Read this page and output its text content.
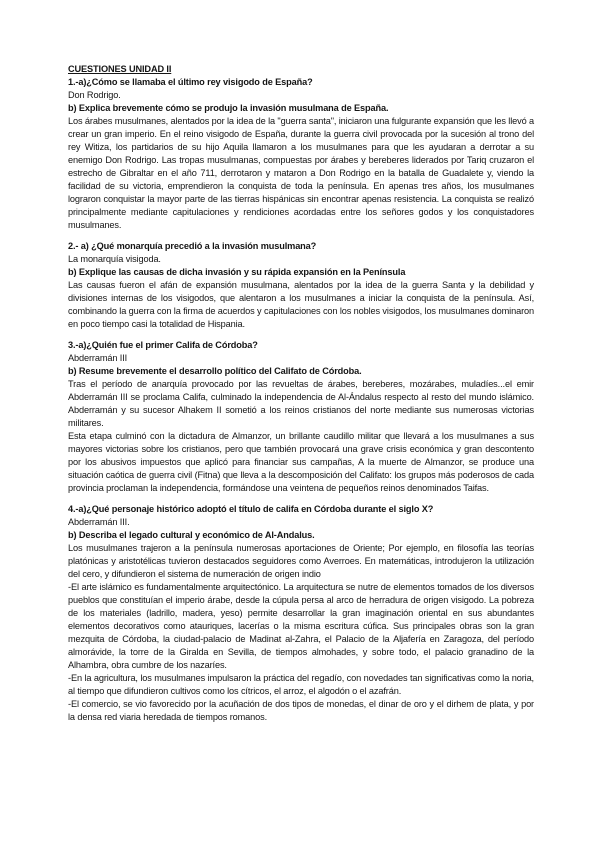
CUESTIONES UNIDAD II

1.-a)¿Cómo se llamaba el último rey visigodo de España?

Don Rodrigo.

b) Explica brevemente cómo se produjo la invasión musulmana de España.

Los árabes musulmanes, alentados por la idea de la "guerra santa", iniciaron una fulgurante expansión que les llevó a crear un gran imperio. En el reino visigodo de España, durante la guerra civil provocada por la sucesión al trono del rey Witiza, los partidarios de su hijo Aquila llamaron a los musulmanes para que les ayudaran a derrotar a su enemigo Don Rodrigo. Las tropas musulmanas, compuestas por árabes y bereberes liderados por Tariq cruzaron el estrecho de Gibraltar en el año 711, derrotaron y mataron a Don Rodrigo en la batalla de Guadalete y, viendo la facilidad de su victoria, emprendieron la conquista de toda la península. En apenas tres años, los musulmanes lograron conquistar la mayor parte de las tierras hispánicas sin encontrar apenas resistencia. La conquista se realizó principalmente mediante capitulaciones y rendiciones acordadas entre los señores godos y los conquistadores musulmanes.

2.- a) ¿Qué monarquía precedió a la invasión musulmana?

La monarquía visigoda.

b) Explique las causas de dicha invasión y su rápida expansión en la Península

Las causas fueron el afán de expansión musulmana, alentados por la idea de la guerra Santa y la debilidad y divisiones internas de los visigodos, que alentaron a los musulmanes a iniciar la conquista de la península. Así, combinando la guerra con la firma de acuerdos y capitulaciones con los nobles visigodos, los musulmanes dominaron en poco tiempo casi la totalidad de Hispania.

3.-a)¿Quién fue el primer Califa de Córdoba?

Abderramán III

b) Resume brevemente el desarrollo político del Califato de Córdoba.

Tras el período de anarquía provocado por las revueltas de árabes, bereberes, mozárabes, muladíes...el emir Abderramán III se proclama Califa, culminado la independencia de Al-Ándalus respecto al resto del mundo islámico. Abderramán y su sucesor Alhakem II sometió a los reinos cristianos del norte mediante sus numerosas victorias militares.

Esta etapa culminó con la dictadura de Almanzor, un brillante caudillo militar que llevará a los musulmanes a sus mayores victorias sobre los cristianos, pero que también provocará una grave crisis económica y gran descontento por los abusivos impuestos que aplicó para financiar sus campañas, A la muerte de Almanzor, se produce una situación caótica de guerra civil (Fitna) que lleva a la descomposición del Califato: los grupos más poderosos de cada provincia proclaman la independencia, formándose una veintena de pequeños reinos denominados Taifas.

4.-a)¿Qué personaje histórico adoptó el título de califa en Córdoba durante el siglo X?

Abderramán III.

b) Describa el legado cultural y económico de Al-Andalus.

Los musulmanes trajeron a la península numerosas aportaciones de Oriente; Por ejemplo, en filosofía las teorías platónicas y aristotélicas tuvieron destacados seguidores como Averroes. En matemáticas, introdujeron la utilización del cero, y difundieron el sistema de numeración de origen indio

-El arte islámico es fundamentalmente arquitectónico. La arquitectura se nutre de elementos tomados de los diversos pueblos que constituían el imperio árabe, desde la cúpula persa al arco de herradura de origen visigodo. La pobreza de los materiales (ladrillo, madera, yeso) permite desarrollar la gran imaginación oriental en sus abundantes elementos decorativos como atauriques, lacerías o la misma escritura cúfica. Sus principales obras son la gran mezquita de Córdoba, la ciudad-palacio de Madinat al-Zahra, el Palacio de la Aljafería en Zaragoza, del período almorávide, la torre de la Giralda en Sevilla, de tiempos almohades, y sobre todo, el palacio granadino de la Alhambra, obra cumbre de los nazaríes.

-En la agricultura, los musulmanes impulsaron la práctica del regadío, con novedades tan significativas como la noria, al tiempo que difundieron cultivos como los cítricos, el arroz, el algodón o el azafrán.

-El comercio, se vio favorecido por la acuñación de dos tipos de monedas, el dinar de oro y el dirhem de plata, y por la densa red viaria heredada de tiempos romanos.
